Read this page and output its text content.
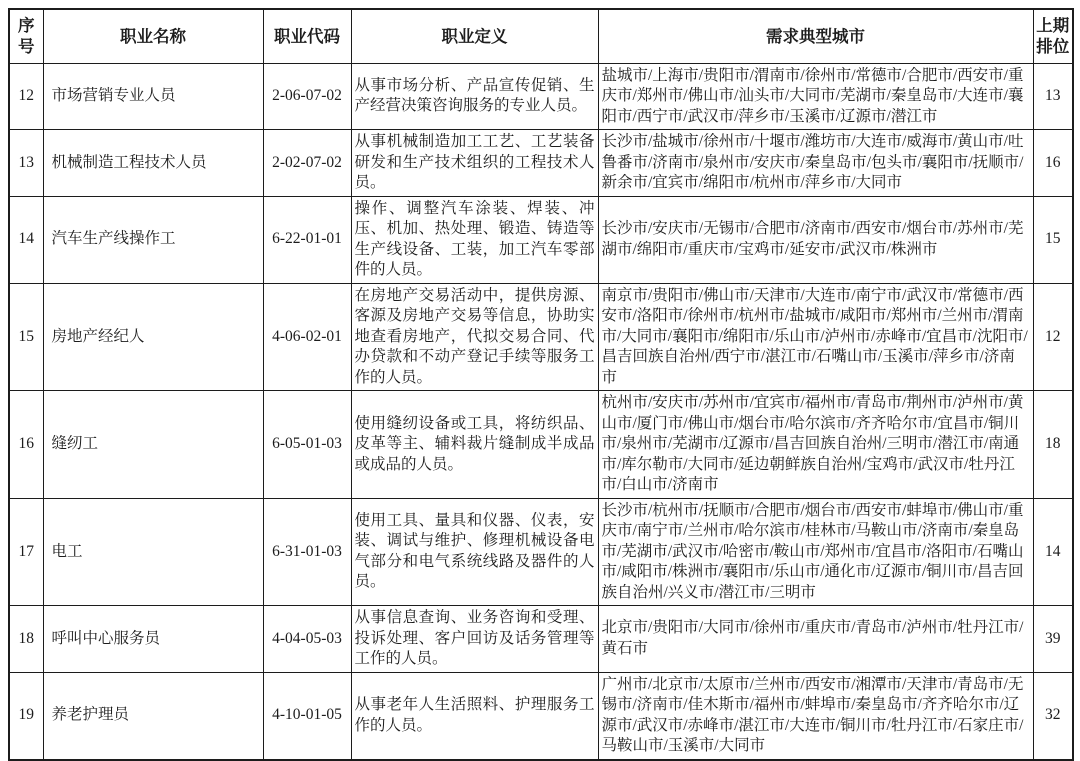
序号	职业名称	职业代码	职业定义	需求典型城市	上期排位
12	市场营销专业人员	2-06-07-02	从事市场分析、产品宣传促销、生产经营决策咨询服务的专业人员。	盐城市/上海市/贵阳市/渭南市/徐州市/常德市/合肥市/西安市/重庆市/郑州市/佛山市/汕头市/大同市/芜湖市/秦皇岛市/大连市/襄阳市/西宁市/武汉市/萍乡市/玉溪市/辽源市/潜江市	13
13	机械制造工程技术人员	2-02-07-02	从事机械制造加工工艺、工艺装备研发和生产技术组织的工程技术人员。	长沙市/盐城市/徐州市/十堰市/潍坊市/大连市/威海市/黄山市/吐鲁番市/济南市/泉州市/安庆市/秦皇岛市/包头市/襄阳市/抚顺市/新余市/宜宾市/绵阳市/杭州市/萍乡市/大同市	16
14	汽车生产线操作工	6-22-01-01	操作、调整汽车涂装、焊装、冲压、机加、热处理、锻造、铸造等生产线设备、工装，加工汽车零部件的人员。	长沙市/安庆市/无锡市/合肥市/济南市/西安市/烟台市/苏州市/芜湖市/绵阳市/重庆市/宝鸡市/延安市/武汉市/株洲市	15
15	房地产经纪人	4-06-02-01	在房地产交易活动中，提供房源、客源及房地产交易等信息，协助实地查看房地产，代拟交易合同、代办贷款和不动产登记手续等服务工作的人员。	南京市/贵阳市/佛山市/天津市/大连市/南宁市/武汉市/常德市/西安市/洛阳市/徐州市/杭州市/盐城市/咸阳市/郑州市/兰州市/渭南市/大同市/襄阳市/绵阳市/乐山市/泸州市/赤峰市/宜昌市/沈阳市/昌吉回族自治州/西宁市/湛江市/石嘴山市/玉溪市/萍乡市/济南市	12
16	缝纫工	6-05-01-03	使用缝纫设备或工具，将纺织品、皮革等主、辅料裁片缝制成半成品或成品的人员。	杭州市/安庆市/苏州市/宜宾市/福州市/青岛市/荆州市/泸州市/黄山市/厦门市/佛山市/烟台市/哈尔滨市/齐齐哈尔市/宜昌市/铜川市/泉州市/芜湖市/辽源市/昌吉回族自治州/三明市/潜江市/南通市/库尔勒市/大同市/延边朝鲜族自治州/宝鸡市/武汉市/牡丹江市/白山市/济南市	18
17	电工	6-31-01-03	使用工具、量具和仪器、仪表，安装、调试与维护、修理机械设备电气部分和电气系统线路及器件的人员。	长沙市/杭州市/抚顺市/合肥市/烟台市/西安市/蚌埠市/佛山市/重庆市/南宁市/兰州市/哈尔滨市/桂林市/马鞍山市/济南市/秦皇岛市/芜湖市/武汉市/哈密市/鞍山市/郑州市/宜昌市/洛阳市/石嘴山市/咸阳市/株洲市/襄阳市/乐山市/通化市/辽源市/铜川市/昌吉回族自治州/兴义市/潜江市/三明市	14
18	呼叫中心服务员	4-04-05-03	从事信息查询、业务咨询和受理、投诉处理、客户回访及话务管理等工作的人员。	北京市/贵阳市/大同市/徐州市/重庆市/青岛市/泸州市/牡丹江市/黄石市	39
19	养老护理员	4-10-01-05	从事老年人生活照料、护理服务工作的人员。	广州市/北京市/太原市/兰州市/西安市/湘潭市/天津市/青岛市/无锡市/济南市/佳木斯市/福州市/蚌埠市/秦皇岛市/齐齐哈尔市/辽源市/武汉市/赤峰市/湛江市/大连市/铜川市/牡丹江市/石家庄市/马鞍山市/玉溪市/大同市	32
